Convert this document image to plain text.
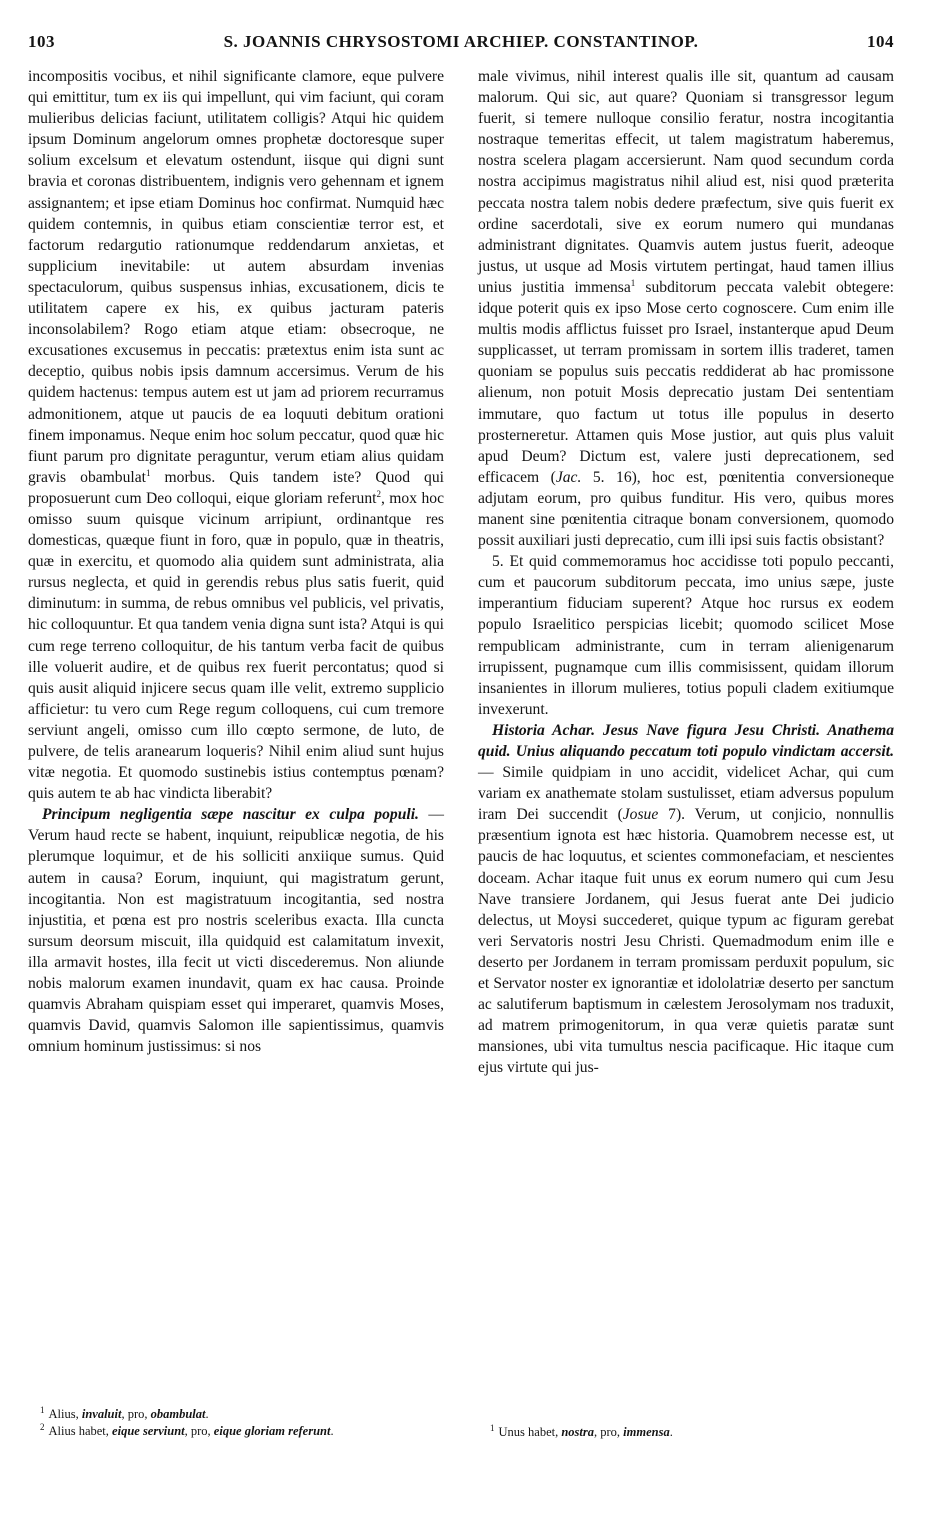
103	S. JOANNIS CHRYSOSTOMI ARCHIEP. CONSTANTINOP.	104

incompositis vocibus, et nihil significante clamore, eque pulvere qui emittitur, tum ex iis qui impellunt, qui vim faciunt, qui coram mulieribus delicias faciunt, utilitatem colligis? Atqui hic quidem ipsum Dominum angelorum omnes prophetæ doctoresque super solium excelsum et elevatum ostendunt, iisque qui digni sunt bravia et coronas distribuentem, indignis vero gehennam et ignem assignantem; et ipse etiam Dominus hoc confirmat. Numquid hæc quidem contemnis, in quibus etiam conscientiæ terror est, et factorum redargutio rationumque reddendarum anxietas, et supplicium inevitabile: ut autem absurdam invenias spectaculorum, quibus suspensus inhias, excusationem, dicis te utilitatem capere ex his, ex quibus jacturam pateris inconsolabilem? Rogo etiam atque etiam: obsecroque, ne excusationes excusemus in peccatis: prætextus enim ista sunt ac deceptio, quibus nobis ipsis damnum accersimus. Verum de his quidem hactenus: tempus autem est ut jam ad priorem recurramus admonitionem, atque ut paucis de ea loquuti debitum orationi finem imponamus. Neque enim hoc solum peccatur, quod quæ hic fiunt parum pro dignitate peraguntur, verum etiam alius quidam gravis obambulat$^1$ morbus. Quis tandem iste? Quod qui proposuerunt cum Deo colloqui, eique gloriam referunt$^2$, mox hoc omisso suum quisque vicinum arripiunt, ordinantque res domesticas, quæque fiunt in foro, quæ in populo, quæ in theatris, quæ in exercitu, et quomodo alia quidem sunt administrata, alia rursus neglecta, et quid in gerendis rebus plus satis fuerit, quid diminutum: in summa, de rebus omnibus vel publicis, vel privatis, hic colloquuntur. Et qua tandem venia digna sunt ista? Atqui is qui cum rege terreno colloquitur, de his tantum verba facit de quibus ille voluerit audire, et de quibus rex fuerit percontatus; quod si quis ausit aliquid injicere secus quam ille velit, extremo supplicio afficietur: tu vero cum Rege regum colloquens, cui cum tremore serviunt angeli, omisso cum illo cœpto sermone, de luto, de pulvere, de telis aranearum loqueris? Nihil enim aliud sunt hujus vitæ negotia. Et quomodo sustinebis istius contemptus pœnam? quis autem te ab hac vindicta liberabit?

Principum negligentia sæpe nascitur ex culpa populi. — Verum haud recte se habent, inquiunt, reipublicæ negotia, de his plerumque loquimur, et de his solliciti anxiique sumus. Quid autem in causa? Eorum, inquiunt, qui magistratum gerunt, incogitantia. Non est magistratuum incogitantia, sed nostra injustitia, et pœna est pro nostris sceleribus exacta. Illa cuncta sursum deorsum miscuit, illa quidquid est calamitatum invexit, illa armavit hostes, illa fecit ut victi discederemus. Non aliunde nobis malorum examen inundavit, quam ex hac causa. Proinde quamvis Abraham quispiam esset qui imperaret, quamvis Moses, quamvis David, quamvis Salomon ille sapientissimus, quamvis omnium hominum justissimus: si nos

male vivimus, nihil interest qualis ille sit, quantum ad causam malorum. Qui sic, aut quare? Quoniam si transgressor legum fuerit, si temere nulloque consilio feratur, nostra incogitantia nostraque temeritas effecit, ut talem magistratum haberemus, nostra scelera plagam accersierunt. Nam quod secundum corda nostra accipimus magistratus nihil aliud est, nisi quod præterita peccata nostra talem nobis dedere præfectum, sive quis fuerit ex ordine sacerdotali, sive ex eorum numero qui mundanas administrant dignitates. Quamvis autem justus fuerit, adeoque justus, ut usque ad Mosis virtutem pertingat, haud tamen illius unius justitia immensa$^1$ subditorum peccata valebit obtegere: idque poterit quis ex ipso Mose certo cognoscere. Cum enim ille multis modis afflictus fuisset pro Israel, instanterque apud Deum supplicasset, ut terram promissam in sortem illis traderet, tamen quoniam se populus suis peccatis reddiderat ab hac promissone alienum, non potuit Mosis deprecatio justam Dei sententiam immutare, quo factum ut totus ille populus in deserto prosterneretur. Attamen quis Mose justior, aut quis plus valuit apud Deum? Dictum est, valere justi deprecationem, sed efficacem (Jac. 5. 16), hoc est, pœnitentia conversioneque adjutam eorum, pro quibus funditur. His vero, quibus mores manent sine pœnitentia citraque bonam conversionem, quomodo possit auxiliari justi deprecatio, cum illi ipsi suis factis obsistant?

5. Et quid commemoramus hoc accidisse toti populo peccanti, cum et paucorum subditorum peccata, imo unius sæpe, juste imperantium fiduciam superent? Atque hoc rursus ex eodem populo Israelitico perspicias licebit; quomodo scilicet Mose rempublicam administrante, cum in terram alienigenarum irrupissent, pugnamque cum illis commisissent, quidam illorum insanientes in illorum mulieres, totius populi cladem exitiumque invexerunt.

Historia Achar. Jesus Nave figura Jesu Christi. Anathema quid. Unius aliquando peccatum toti populo vindictam accersit. — Simile quidpiam in uno accidit, videlicet Achar, qui cum variam ex anathemate stolam sustulisset, etiam adversus populum iram Dei succendit (Josue 7). Verum, ut conjicio, nonnullis præsentium ignota est hæc historia. Quamobrem necesse est, ut paucis de hac loquutus, et scientes commonefaciam, et nescientes doceam. Achar itaque fuit unus ex eorum numero qui cum Jesu Nave transiere Jordanem, qui Jesus fuerat ante Dei judicio delectus, ut Moysi succederet, quique typum ac figuram gerebat veri Servatoris nostri Jesu Christi. Quemadmodum enim ille e deserto per Jordanem in terram promissam perduxit populum, sic et Servator noster ex ignorantiæ et idololatriæ deserto per sanctum ac salutiferum baptismum in cælestem Jerosolymam nos traduxit, ad matrem primogenitorum, in qua veræ quietis paratæ sunt mansiones, ubi vita tumultus nescia pacificaque. Hic itaque cum ejus virtute qui jus-

$^1$ Alius, invaluit, pro, obambulat.

$^2$ Alius habet, eique serviunt, pro, eique gloriam referunt.	$^1$ Unus habet, nostra, pro, immensa.
